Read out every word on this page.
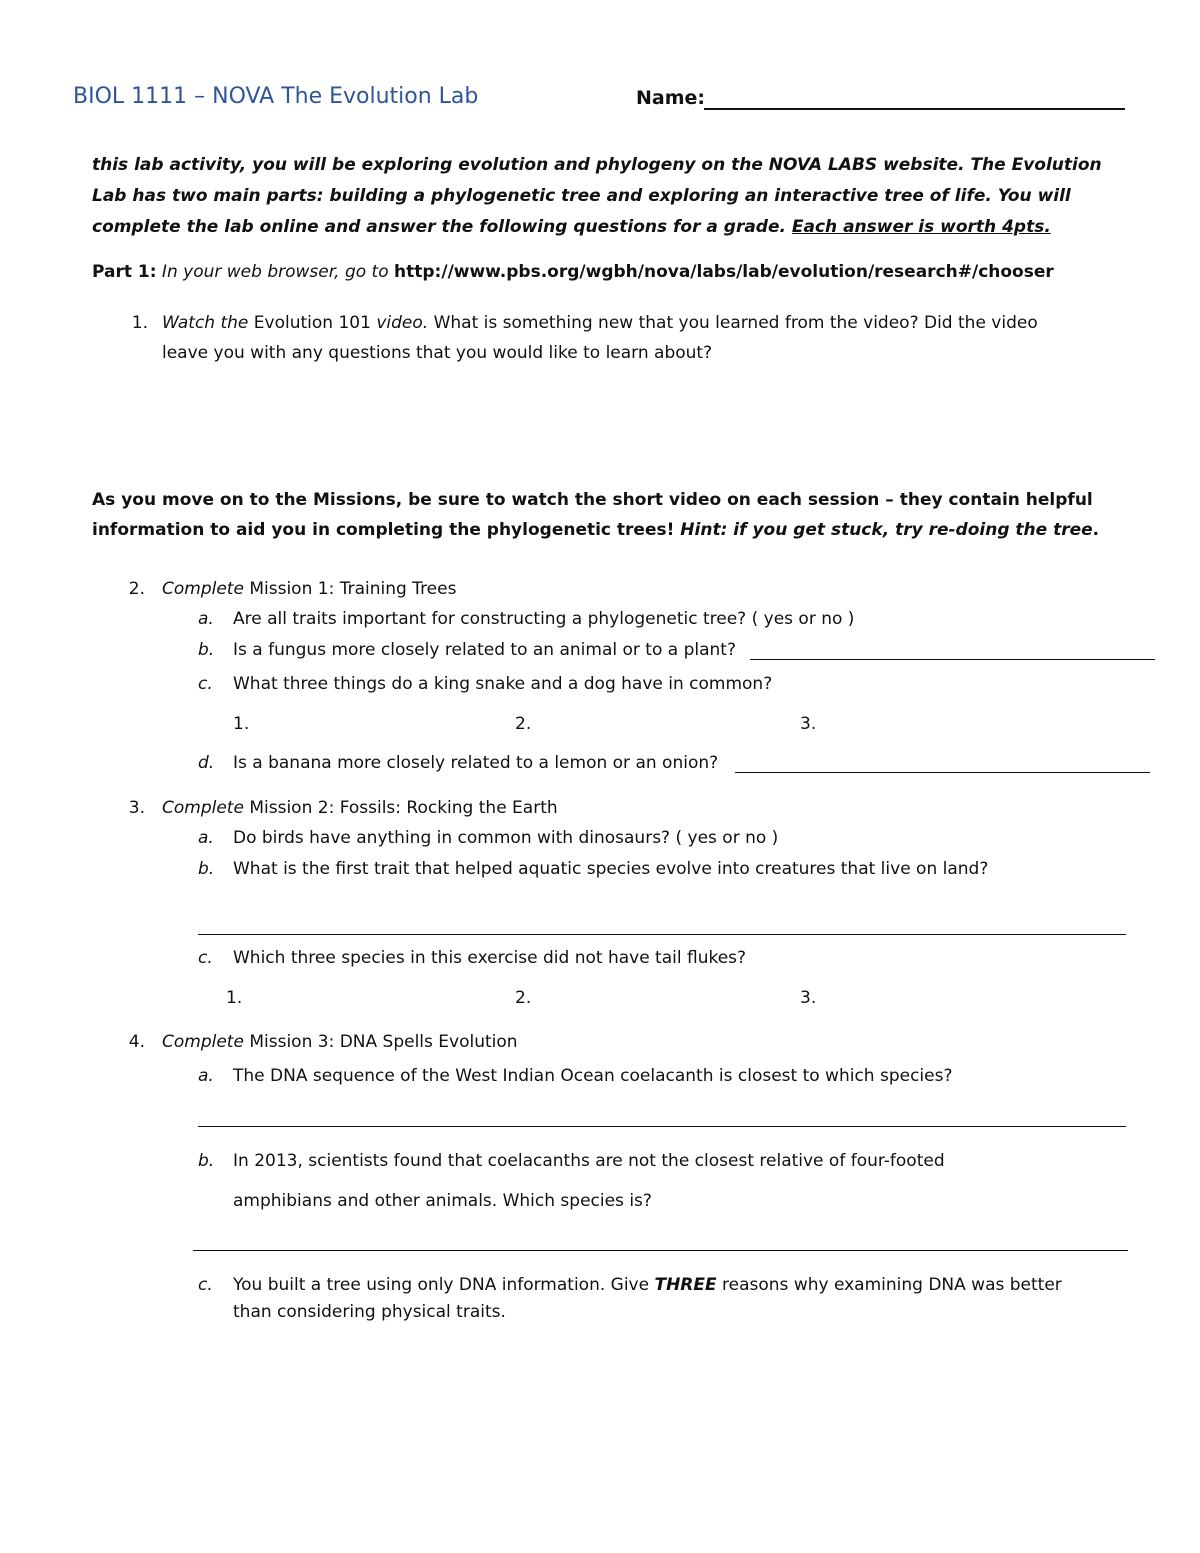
BIOL 1111 – NOVA The Evolution Lab	Name:
this lab activity, you will be exploring evolution and phylogeny on the NOVA LABS website. The Evolution Lab has two main parts: building a phylogenetic tree and exploring an interactive tree of life. You will complete the lab online and answer the following questions for a grade. Each answer is worth 4pts.
Part 1: In your web browser, go to http://www.pbs.org/wgbh/nova/labs/lab/evolution/research#/chooser
1. Watch the Evolution 101 video. What is something new that you learned from the video? Did the video
leave you with any questions that you would like to learn about?
As you move on to the Missions, be sure to watch the short video on each session – they contain helpful
information to aid you in completing the phylogenetic trees! Hint: if you get stuck, try re-doing the tree.
2. Complete Mission 1: Training Trees
a. Are all traits important for constructing a phylogenetic tree? ( yes or no )
b. Is a fungus more closely related to an animal or to a plant?
c. What three things do a king snake and a dog have in common?
1.	2.	3.
d. Is a banana more closely related to a lemon or an onion?
3. Complete Mission 2: Fossils: Rocking the Earth
a. Do birds have anything in common with dinosaurs? ( yes or no )
b. What is the first trait that helped aquatic species evolve into creatures that live on land?
c. Which three species in this exercise did not have tail flukes?
1.	2.	3.
4. Complete Mission 3: DNA Spells Evolution
a. The DNA sequence of the West Indian Ocean coelacanth is closest to which species?
b. In 2013, scientists found that coelacanths are not the closest relative of four-footed
amphibians and other animals. Which species is?
c. You built a tree using only DNA information. Give THREE reasons why examining DNA was better
than considering physical traits.
